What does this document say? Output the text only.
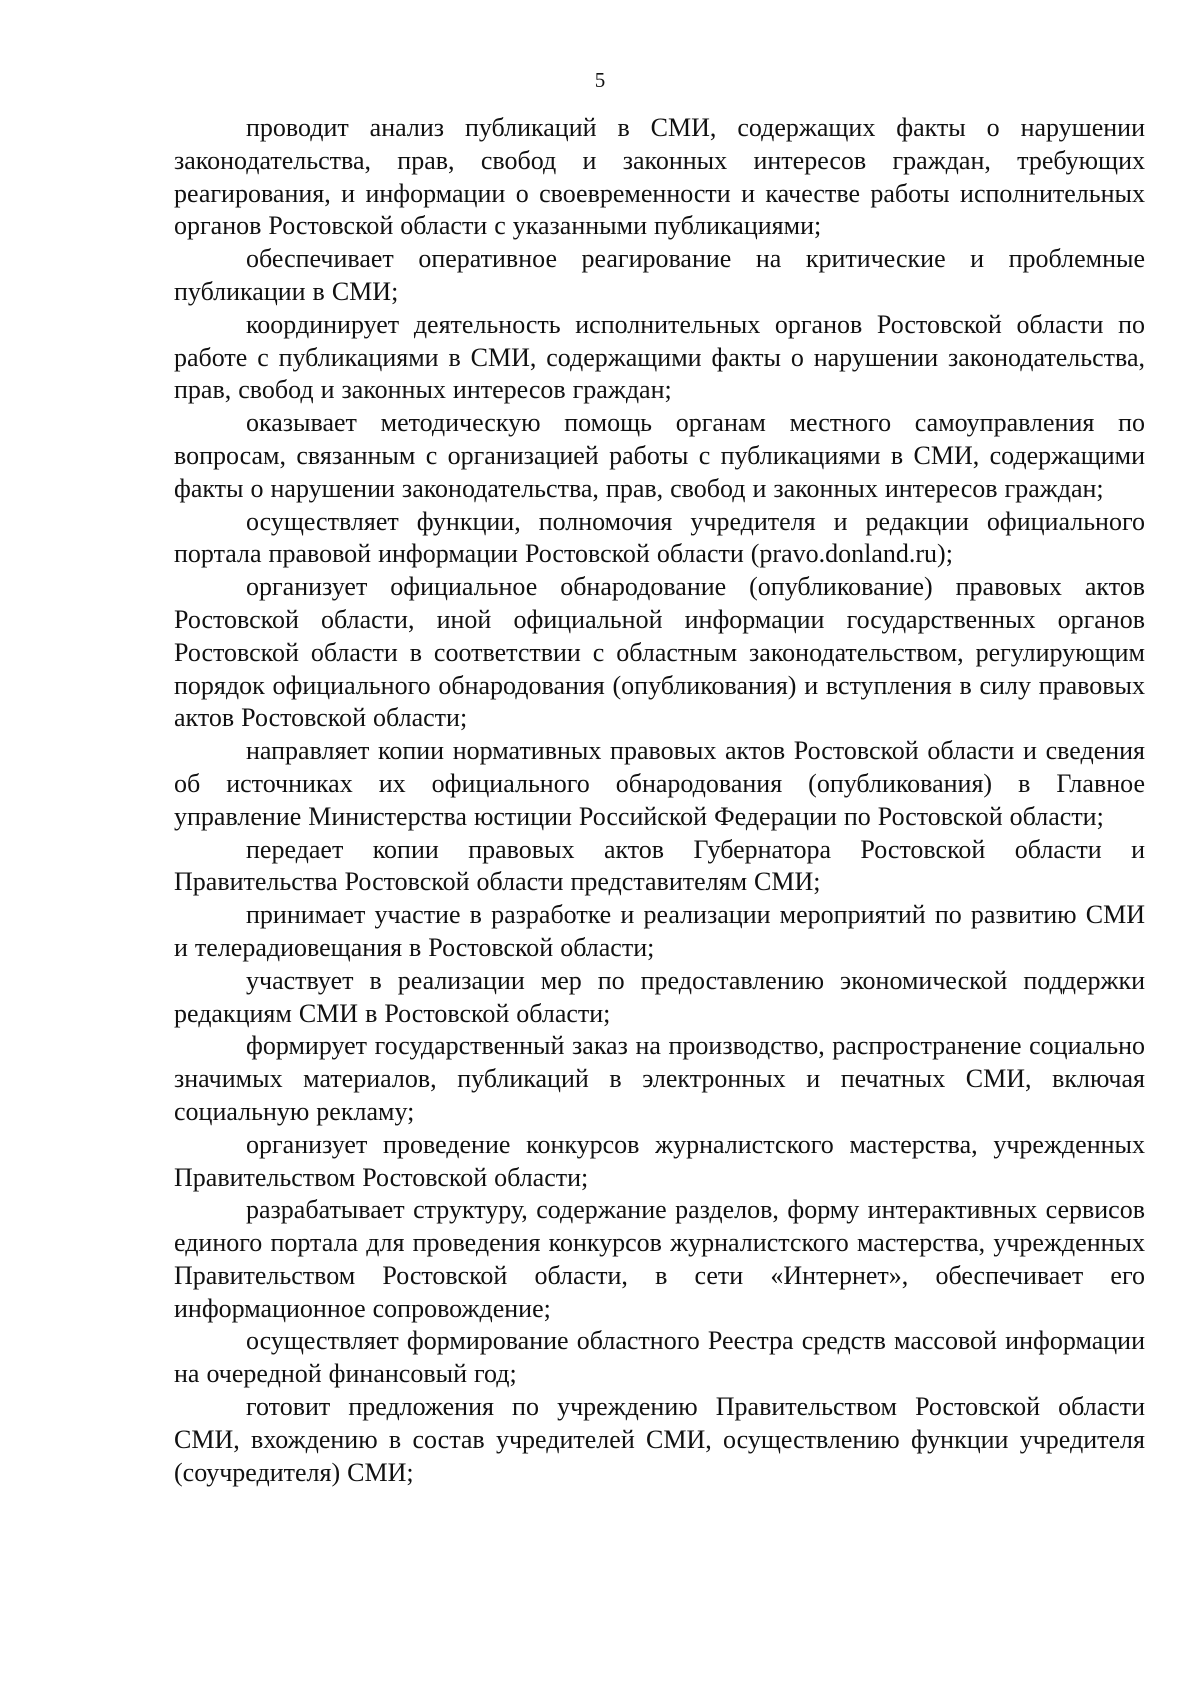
5

проводит анализ публикаций в СМИ, содержащих факты о нарушении законодательства, прав, свобод и законных интересов граждан, требующих реагирования, и информации о своевременности и качестве работы исполнительных органов Ростовской области с указанными публикациями;

обеспечивает оперативное реагирование на критические и проблемные публикации в СМИ;

координирует деятельность исполнительных органов Ростовской области по работе с публикациями в СМИ, содержащими факты о нарушении законодательства, прав, свобод и законных интересов граждан;

оказывает методическую помощь органам местного самоуправления по вопросам, связанным с организацией работы с публикациями в СМИ, содержащими факты о нарушении законодательства, прав, свобод и законных интересов граждан;

осуществляет функции, полномочия учредителя и редакции официального портала правовой информации Ростовской области (pravo.donland.ru);

организует официальное обнародование (опубликование) правовых актов Ростовской области, иной официальной информации государственных органов Ростовской области в соответствии с областным законодательством, регулирующим порядок официального обнародования (опубликования) и вступления в силу правовых актов Ростовской области;

направляет копии нормативных правовых актов Ростовской области и сведения об источниках их официального обнародования (опубликования) в Главное управление Министерства юстиции Российской Федерации по Ростовской области;

передает копии правовых актов Губернатора Ростовской области и Правительства Ростовской области представителям СМИ;

принимает участие в разработке и реализации мероприятий по развитию СМИ и телерадиовещания в Ростовской области;

участвует в реализации мер по предоставлению экономической поддержки редакциям СМИ в Ростовской области;

формирует государственный заказ на производство, распространение социально значимых материалов, публикаций в электронных и печатных СМИ, включая социальную рекламу;

организует проведение конкурсов журналистского мастерства, учрежденных Правительством Ростовской области;

разрабатывает структуру, содержание разделов, форму интерактивных сервисов единого портала для проведения конкурсов журналистского мастерства, учрежденных Правительством Ростовской области, в сети «Интернет», обеспечивает его информационное сопровождение;

осуществляет формирование областного Реестра средств массовой информации на очередной финансовый год;

готовит предложения по учреждению Правительством Ростовской области СМИ, вхождению в состав учредителей СМИ, осуществлению функции учредителя (соучредителя) СМИ;
